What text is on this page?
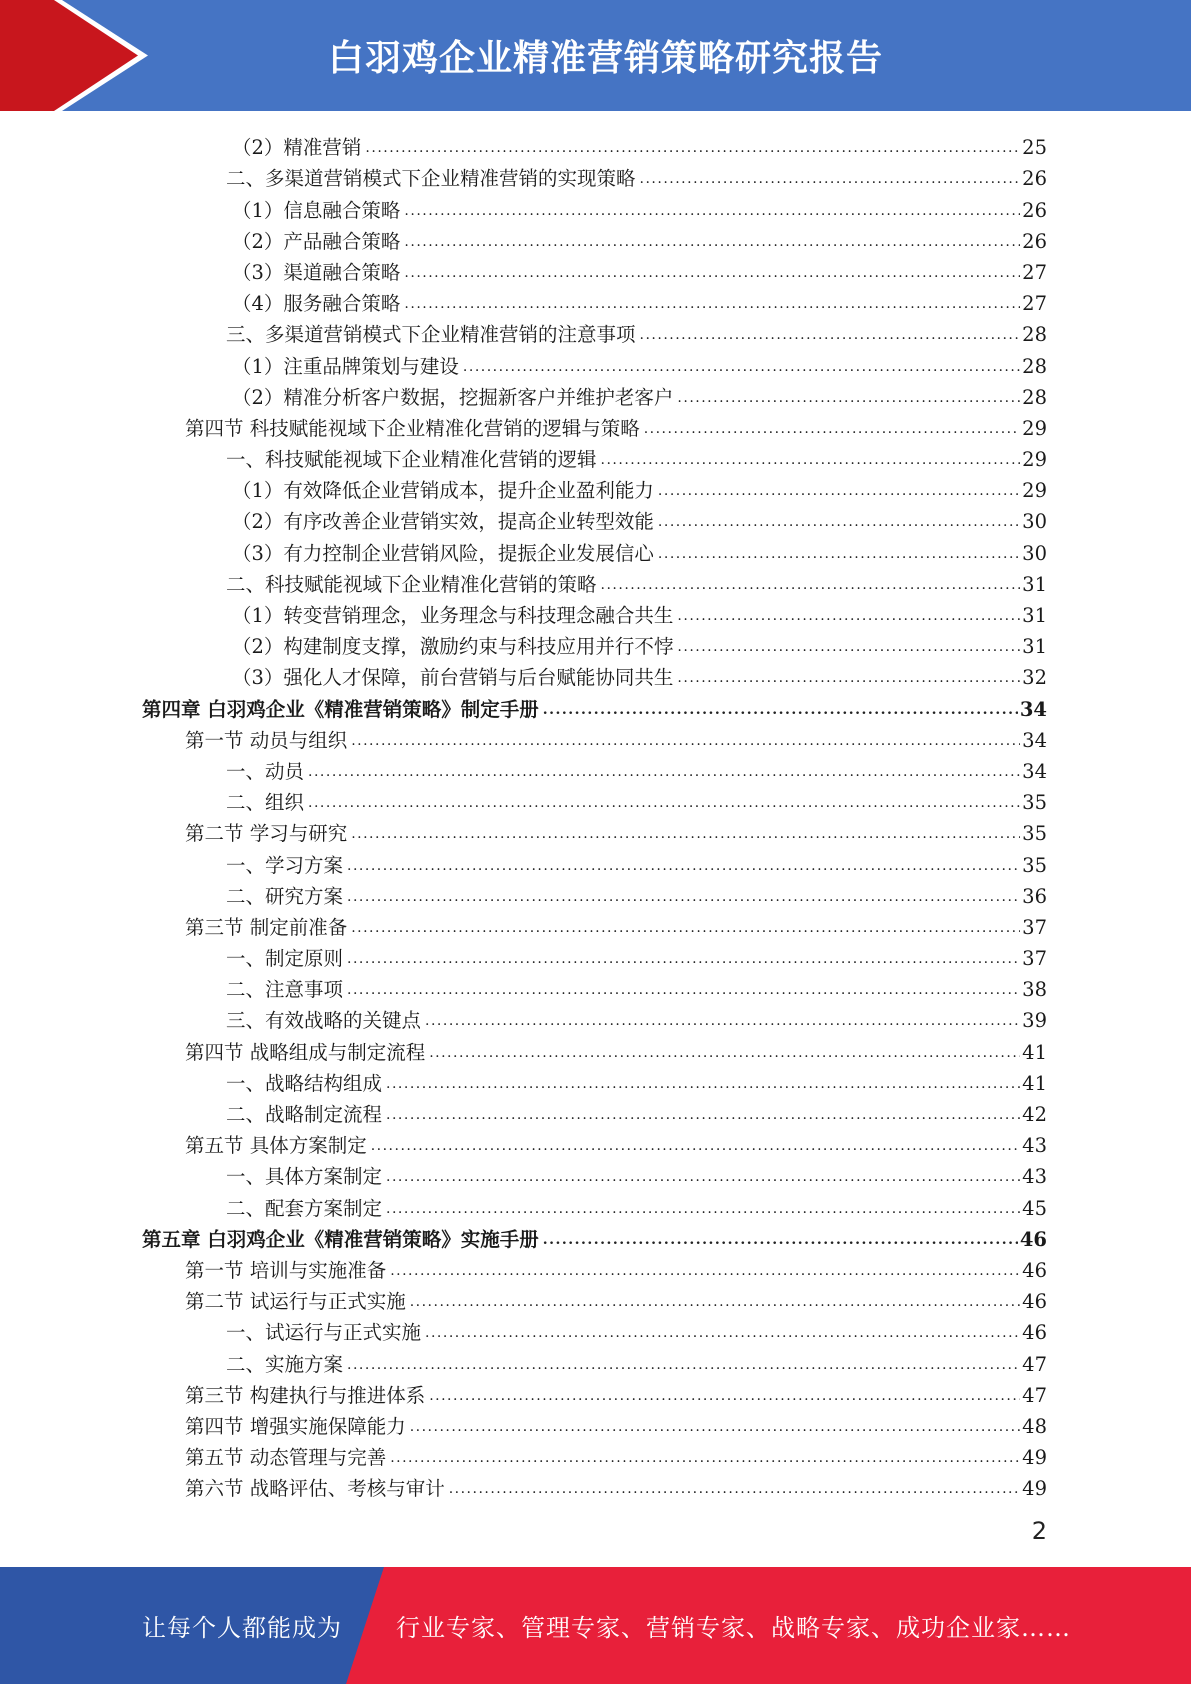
白羽鸡企业精准营销策略研究报告
（2）精准营销 .....	25
二、多渠道营销模式下企业精准营销的实现策略 .....	26
（1）信息融合策略 .....	26
（2）产品融合策略 .....	26
（3）渠道融合策略 .....	27
（4）服务融合策略 .....	27
三、多渠道营销模式下企业精准营销的注意事项 .....	28
（1）注重品牌策划与建设 .....	28
（2）精准分析客户数据，挖掘新客户并维护老客户 .....	28
第四节 科技赋能视域下企业精准化营销的逻辑与策略 .....	29
一、科技赋能视域下企业精准化营销的逻辑 .....	29
（1）有效降低企业营销成本，提升企业盈利能力 .....	29
（2）有序改善企业营销实效，提高企业转型效能 .....	30
（3）有力控制企业营销风险，提振企业发展信心 .....	30
二、科技赋能视域下企业精准化营销的策略 .....	31
（1）转变营销理念，业务理念与科技理念融合共生 .....	31
（2）构建制度支撑，激励约束与科技应用并行不悖 .....	31
（3）强化人才保障，前台营销与后台赋能协同共生 .....	32
第四章 白羽鸡企业《精准营销策略》制定手册 .....	34
第一节 动员与组织 .....	34
一、动员 .....	34
二、组织 .....	35
第二节 学习与研究 .....	35
一、学习方案 .....	35
二、研究方案 .....	36
第三节 制定前准备 .....	37
一、制定原则 .....	37
二、注意事项 .....	38
三、有效战略的关键点 .....	39
第四节 战略组成与制定流程 .....	41
一、战略结构组成 .....	41
二、战略制定流程 .....	42
第五节 具体方案制定 .....	43
一、具体方案制定 .....	43
二、配套方案制定 .....	45
第五章 白羽鸡企业《精准营销策略》实施手册 .....	46
第一节 培训与实施准备 .....	46
第二节 试运行与正式实施 .....	46
一、试运行与正式实施 .....	46
二、实施方案 .....	47
第三节 构建执行与推进体系 .....	47
第四节 增强实施保障能力 .....	48
第五节 动态管理与完善 .....	49
第六节 战略评估、考核与审计 .....	49
2
让每个人都能成为 行业专家、管理专家、营销专家、战略专家、成功企业家……
